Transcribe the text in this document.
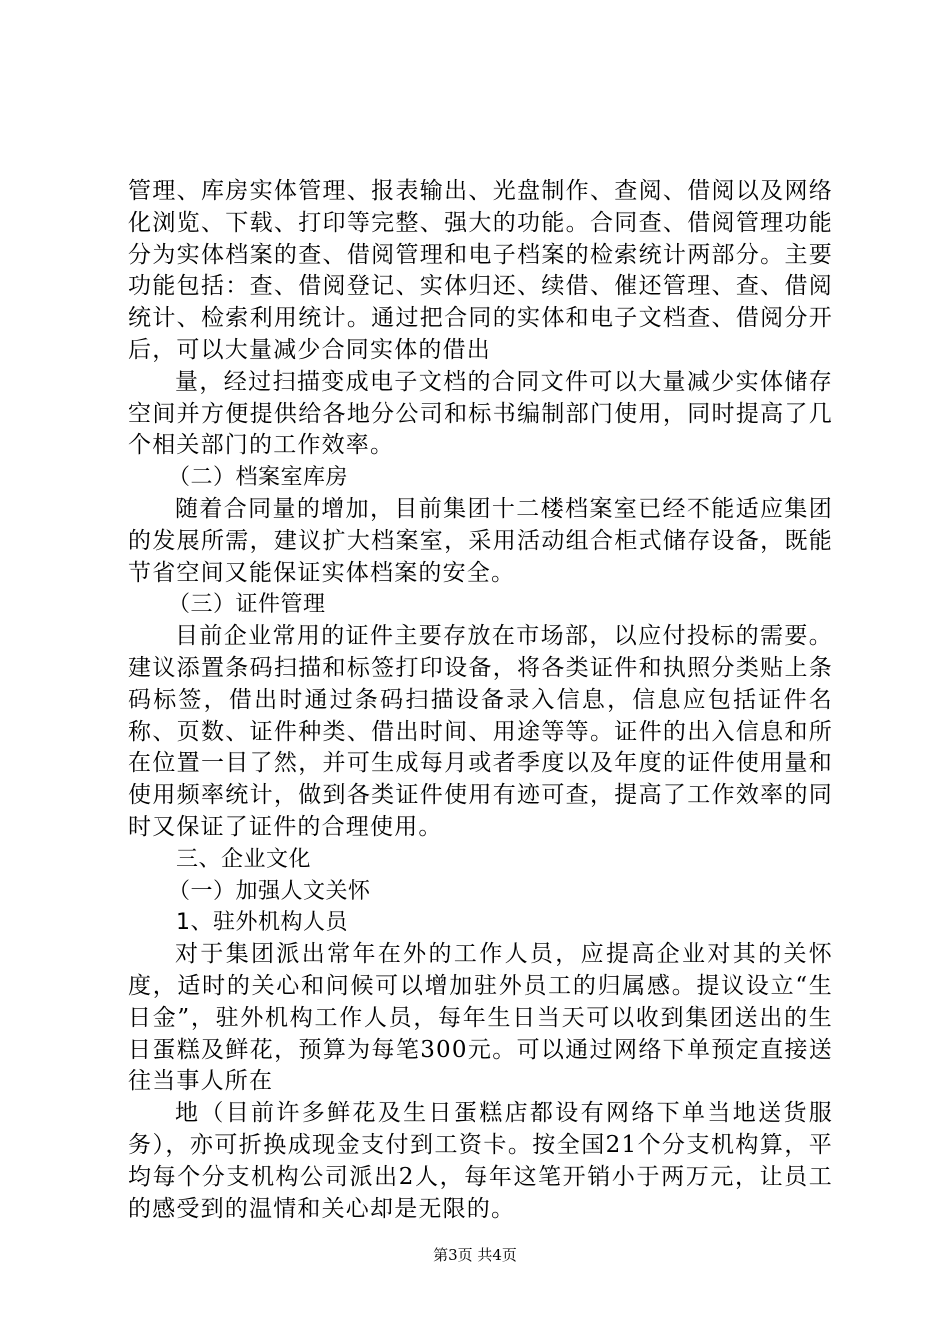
管理、库房实体管理、报表输出、光盘制作、查阅、借阅以及网络化浏览、下载、打印等完整、强大的功能。合同查、借阅管理功能分为实体档案的查、借阅管理和电子档案的检索统计两部分。主要功能包括：查、借阅登记、实体归还、续借、催还管理、查、借阅统计、检索利用统计。通过把合同的实体和电子文档查、借阅分开后，可以大量减少合同实体的借出

量，经过扫描变成电子文档的合同文件可以大量减少实体储存空间并方便提供给各地分公司和标书编制部门使用，同时提高了几个相关部门的工作效率。

（二）档案室库房

随着合同量的增加，目前集团十二楼档案室已经不能适应集团的发展所需，建议扩大档案室，采用活动组合柜式储存设备，既能节省空间又能保证实体档案的安全。

（三）证件管理

目前企业常用的证件主要存放在市场部，以应付投标的需要。建议添置条码扫描和标签打印设备，将各类证件和执照分类贴上条码标签，借出时通过条码扫描设备录入信息，信息应包括证件名称、页数、证件种类、借出时间、用途等等。证件的出入信息和所在位置一目了然，并可生成每月或者季度以及年度的证件使用量和使用频率统计，做到各类证件使用有迹可查，提高了工作效率的同时又保证了证件的合理使用。

三、企业文化

（一）加强人文关怀

1、驻外机构人员

对于集团派出常年在外的工作人员，应提高企业对其的关怀度，适时的关心和问候可以增加驻外员工的归属感。提议设立“生日金”，驻外机构工作人员，每年生日当天可以收到集团送出的生日蛋糕及鲜花，预算为每笔300元。可以通过网络下单预定直接送往当事人所在

地（目前许多鲜花及生日蛋糕店都设有网络下单当地送货服务），亦可折换成现金支付到工资卡。按全国21个分支机构算，平均每个分支机构公司派出2人，每年这笔开销小于两万元，让员工的感受到的温情和关心却是无限的。

第3页 共4页
